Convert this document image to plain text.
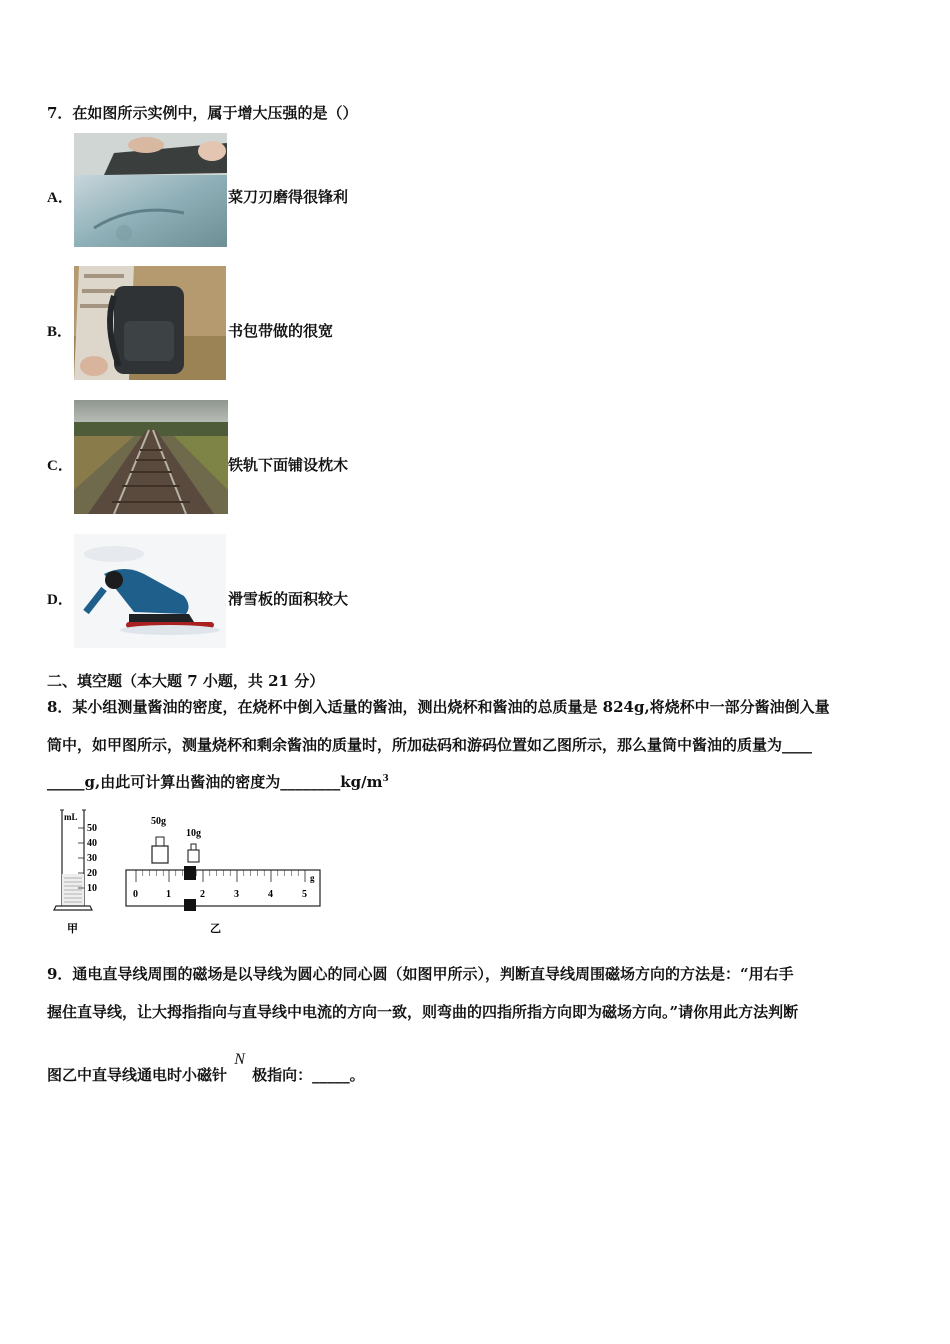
7．在如图所示实例中，属于增大压强的是（）
A．	菜刀刃磨得很锋利
B．	书包带做的很宽
C．	铁轨下面铺设枕木
D．	滑雪板的面积较大
二、填空题（本大题 7 小题，共 21 分）
8．某小组测量酱油的密度，在烧杯中倒入适量的酱油，测出烧杯和酱油的总质量是 824g,将烧杯中一部分酱油倒入量
筒中，如甲图所示，测量烧杯和剩余酱油的质量时，所加砝码和游码位置如乙图所示，那么量筒中酱油的质量为____
_____g,由此可计算出酱油的密度为$\_\_\_\_\_\_\_\_kg/m^3$
mL
50
40
30
20
10
50g
10g
0	1	2	3	4	5
g
甲	乙
9．通电直导线周围的磁场是以导线为圆心的同心圆（如图甲所示），判断直导线周围磁场方向的方法是：“用右手
握住直导线，让大拇指指向与直导线中电流的方向一致，则弯曲的四指所指方向即为磁场方向。”请你用此方法判断
图乙中直导线通电时小磁针 N 极指向：_____。
